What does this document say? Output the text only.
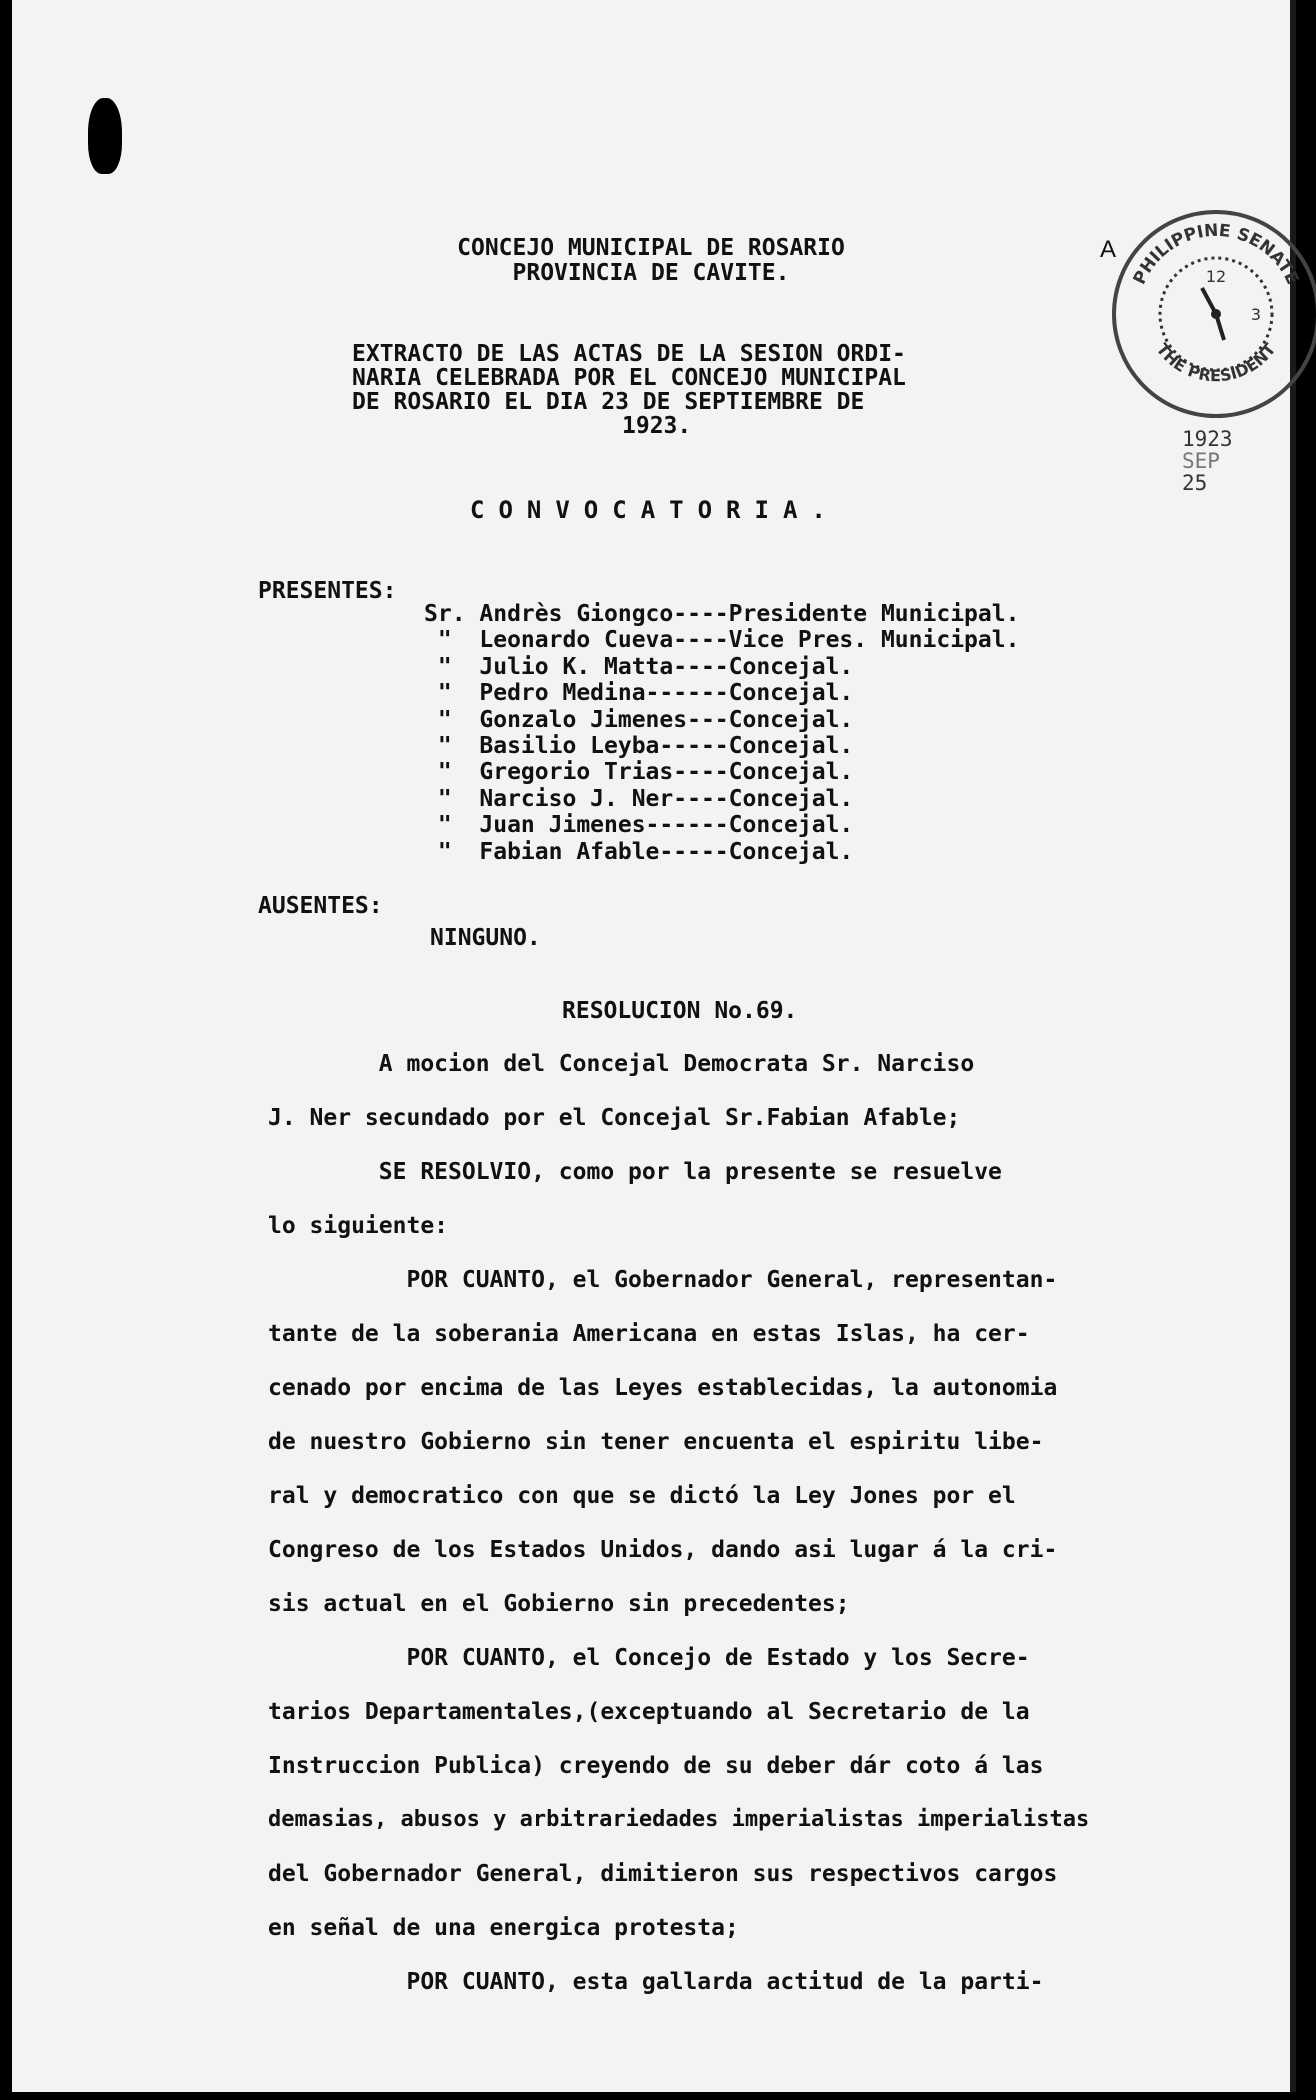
CONCEJO MUNICIPAL DE ROSARIO
PROVINCIA DE CAVITE.
A
12
3
PHILIPPINE SENATE
THE PRESIDENT
1923
SEP
25
EXTRACTO DE LAS ACTAS DE LA SESION ORDI-
NARIA CELEBRADA POR EL CONCEJO MUNICIPAL
DE ROSARIO EL DIA 23 DE SEPTIEMBRE DE
1923.
CONVOCATORIA.
PRESENTES:
Sr. Andrès Giongco----Presidente Municipal.
"  Leonardo Cueva----Vice Pres. Municipal.
"  Julio K. Matta----Concejal.
"  Pedro Medina------Concejal.
"  Gonzalo Jimenes---Concejal.
"  Basilio Leyba-----Concejal.
"  Gregorio Trias----Concejal.
"  Narciso J. Ner----Concejal.
"  Juan Jimenes------Concejal.
"  Fabian Afable-----Concejal.
AUSENTES:
NINGUNO.
RESOLUCION No.69.
A mocion del Concejal Democrata Sr. Narciso
J. Ner secundado por el Concejal Sr.Fabian Afable;
SE RESOLVIO, como por la presente se resuelve
lo siguiente:
POR CUANTO, el Gobernador General, representan-
tante de la soberania Americana en estas Islas, ha cer-
cenado por encima de las Leyes establecidas, la autonomia
de nuestro Gobierno sin tener encuenta el espiritu libe-
ral y democratico con que se dictó la Ley Jones por el
Congreso de los Estados Unidos, dando asi lugar á la cri-
sis actual en el Gobierno sin precedentes;
POR CUANTO, el Concejo de Estado y los Secre-
tarios Departamentales,(exceptuando al Secretario de la
Instruccion Publica) creyendo de su deber dár coto á las
demasias, abusos y arbitrariedades imperialistas imperialistas
del Gobernador General, dimitieron sus respectivos cargos
en señal de una energica protesta;
POR CUANTO, esta gallarda actitud de la parti-
